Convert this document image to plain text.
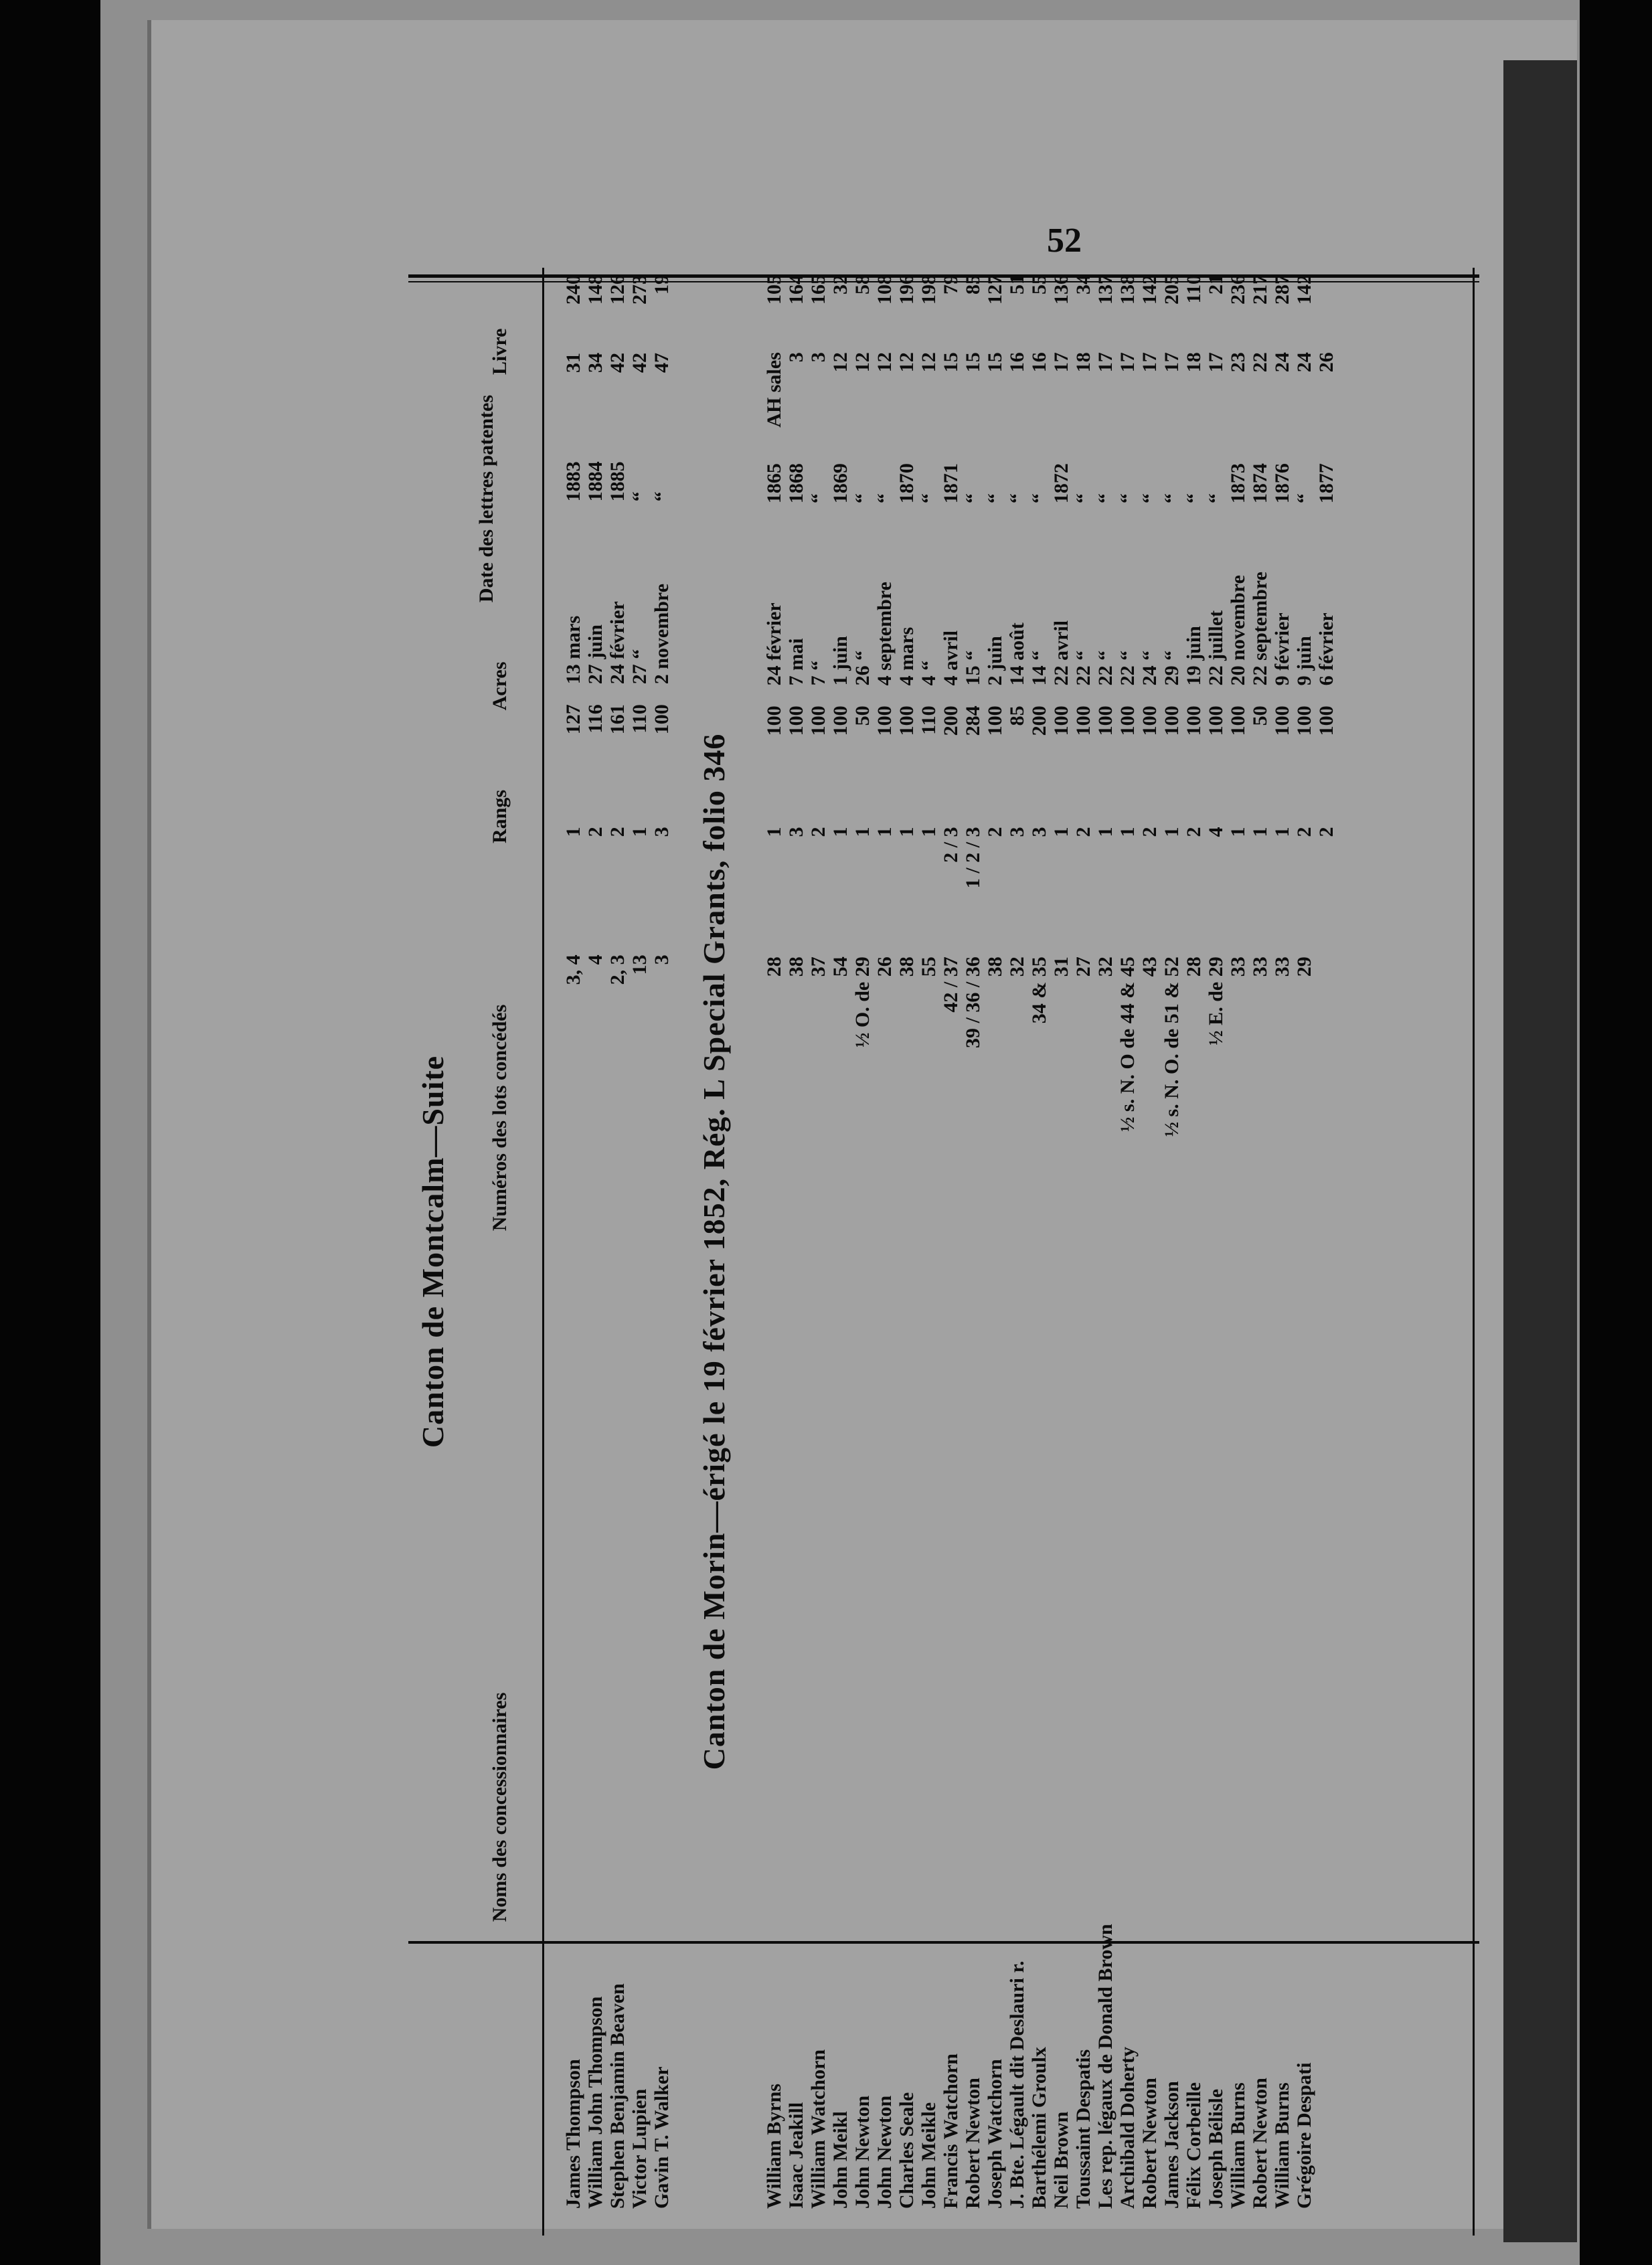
52
Noms des concessionnaires
Numéros des lots concédés
Rangs
Acres
Date des lettres patentes
Livre
Canton de Montcalm—Suite
James Thompson	3, 4	1	127	13 mars	1883	31	240
William John Thompson	4	2	116	27 juin	1884	34	148
Stephen Benjamin Beaven	2, 3	2	161	24 février	1885	42	126
Victor Lupien	13	1	110	27 “	“	42	273
Gavin T. Walker	3	3	100	2 novembre	“	47	19
Canton de Morin—érigé le 19 février 1852, Rég. L Special Grants, folio 346
William Byrns	28	1	100	24 février	1865	AH sales	105
Isaac Jeakill	38	3	100	7 mai	1868	3	164
William Watchorn	37	2	100	7 “	“	3	165
John Meikl	54	1	100	1 juin	1869	12	32
John Newton	½ O. de 29	1	50	26 “	“	12	58
John Newton	26	1	100	4 septembre	“	12	108
Charles Seale	38	1	100	4 mars	1870	12	196
John Meikle	55	1	110	4 “	“	12	198
Francis Watchorn	42 / 37	2 / 3	200	4 avril	1871	15	79
Robert Newton	39 / 36 / 36	1 / 2 / 3	284	15 “	“	15	85
Joseph Watchorn	38	2	100	2 juin	“	15	127
J. Bte. Légault dit Deslauri r.	32	3	85	14 août	“	16	51
Barthélemi Groulx	34 & 35	3	200	14 “	“	16	55
Neil Brown	31	1	100	22 avril	1872	17	136
Toussaint Despatis	27	2	100	22 “	“	18	34
Les rep. légaux de Donald Brown	32	1	100	22 “	“	17	137
Archibald Doherty	½ s. N. O de 44 & 45	1	100	22 “	“	17	138
Robert Newton	43	2	100	24 “	“	17	142
James Jackson	½ s. N. O. de 51 & 52	1	100	29 “	“	17	205
Félix Corbeille	28	2	100	19 juin	“	18	110
Joseph Bélisle	½ E. de 29	4	100	22 juillet	“	17	21
William Burns	33	1	100	20 novembre	1873	23	236
Robert Newton	33	1	50	22 septembre	1874	22	217
William Burns	33	1	100	9 février	1876	24	287
Grégoire Despati	29	2	100	9 juin	“	24	142
		2	100	6 février	1877	26	
